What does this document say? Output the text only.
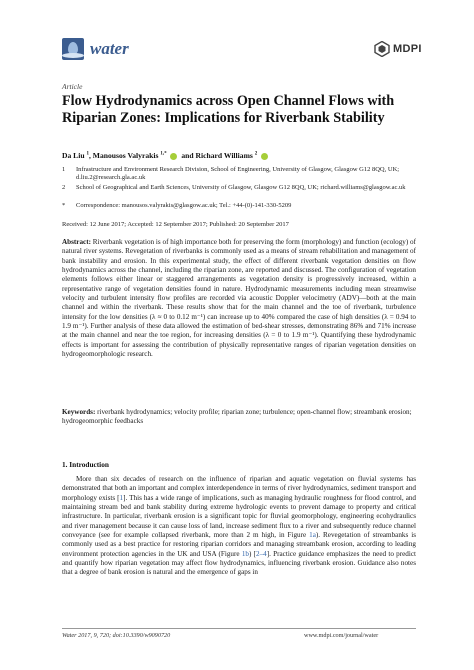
water	MDPI
Article
Flow Hydrodynamics across Open Channel Flows with Riparian Zones: Implications for Riverbank Stability
Da Liu $^1$, Manousos Valyrakis $^{1,*}$ and Richard Williams $^2$
1 Infrastructure and Environment Research Division, School of Engineering, University of Glasgow, Glasgow G12 8QQ, UK; d.liu.2@research.gla.ac.uk
2 School of Geographical and Earth Sciences, University of Glasgow, Glasgow G12 8QQ, UK; richard.williams@glasgow.ac.uk
* Correspondence: manousos.valyrakis@glasgow.ac.uk; Tel.: +44-(0)-141-330-5209
Received: 12 June 2017; Accepted: 12 September 2017; Published: 20 September 2017
Abstract: Riverbank vegetation is of high importance both for preserving the form (morphology) and function (ecology) of natural river systems. Revegetation of riverbanks is commonly used as a means of stream rehabilitation and management of bank instability and erosion. In this experimental study, the effect of different riverbank vegetation densities on flow hydrodynamics across the channel, including the riparian zone, are reported and discussed. The configuration of vegetation elements follows either linear or staggered arrangements as vegetation density is progressively increased, within a representative range of vegetation densities found in nature. Hydrodynamic measurements including mean streamwise velocity and turbulent intensity flow profiles are recorded via acoustic Doppler velocimetry (ADV)—both at the main channel and within the riverbank. These results show that for the main channel and the toe of riverbank, turbulence intensity for the low densities (λ ≈ 0 to 0.12 m⁻¹) can increase up to 40% compared the case of high densities (λ = 0.94 to 1.9 m⁻¹). Further analysis of these data allowed the estimation of bed-shear stresses, demonstrating 86% and 71% increase at the main channel and near the toe region, for increasing densities (λ = 0 to 1.9 m⁻¹). Quantifying these hydrodynamic effects is important for assessing the contribution of physically representative ranges of riparian vegetation densities on hydrogeomorphologic research.
Keywords: riverbank hydrodynamics; velocity profile; riparian zone; turbulence; open-channel flow; streambank erosion; hydrogeomorphic feedbacks
1. Introduction
More than six decades of research on the influence of riparian and aquatic vegetation on fluvial systems has demonstrated that both an important and complex interdependence in terms of river hydrodynamics, sediment transport and morphology exists [1]. This has a wide range of implications, such as managing hydraulic roughness for flood control, and maintaining stream bed and bank stability during extreme hydrologic events to prevent damage to property and critical infrastructure. In particular, riverbank erosion is a significant topic for fluvial geomorphology, engineering ecohydraulics and river management because it can cause loss of land, increase sediment flux to a river and subsequently reduce channel conveyance (see for example collapsed riverbank, more than 2 m high, in Figure 1a). Revegetation of streambanks is commonly used as a best practice for restoring riparian corridors and managing streambank erosion, according to leading environment protection agencies in the UK and USA (Figure 1b) [2–4]. Practice guidance emphasizes the need to predict and quantify how riparian vegetation may affect flow hydrodynamics, influencing riverbank erosion. Guidance also notes that a degree of bank erosion is natural and the emergence of gaps in
Water 2017, 9, 720; doi:10.3390/w9090720	www.mdpi.com/journal/water
